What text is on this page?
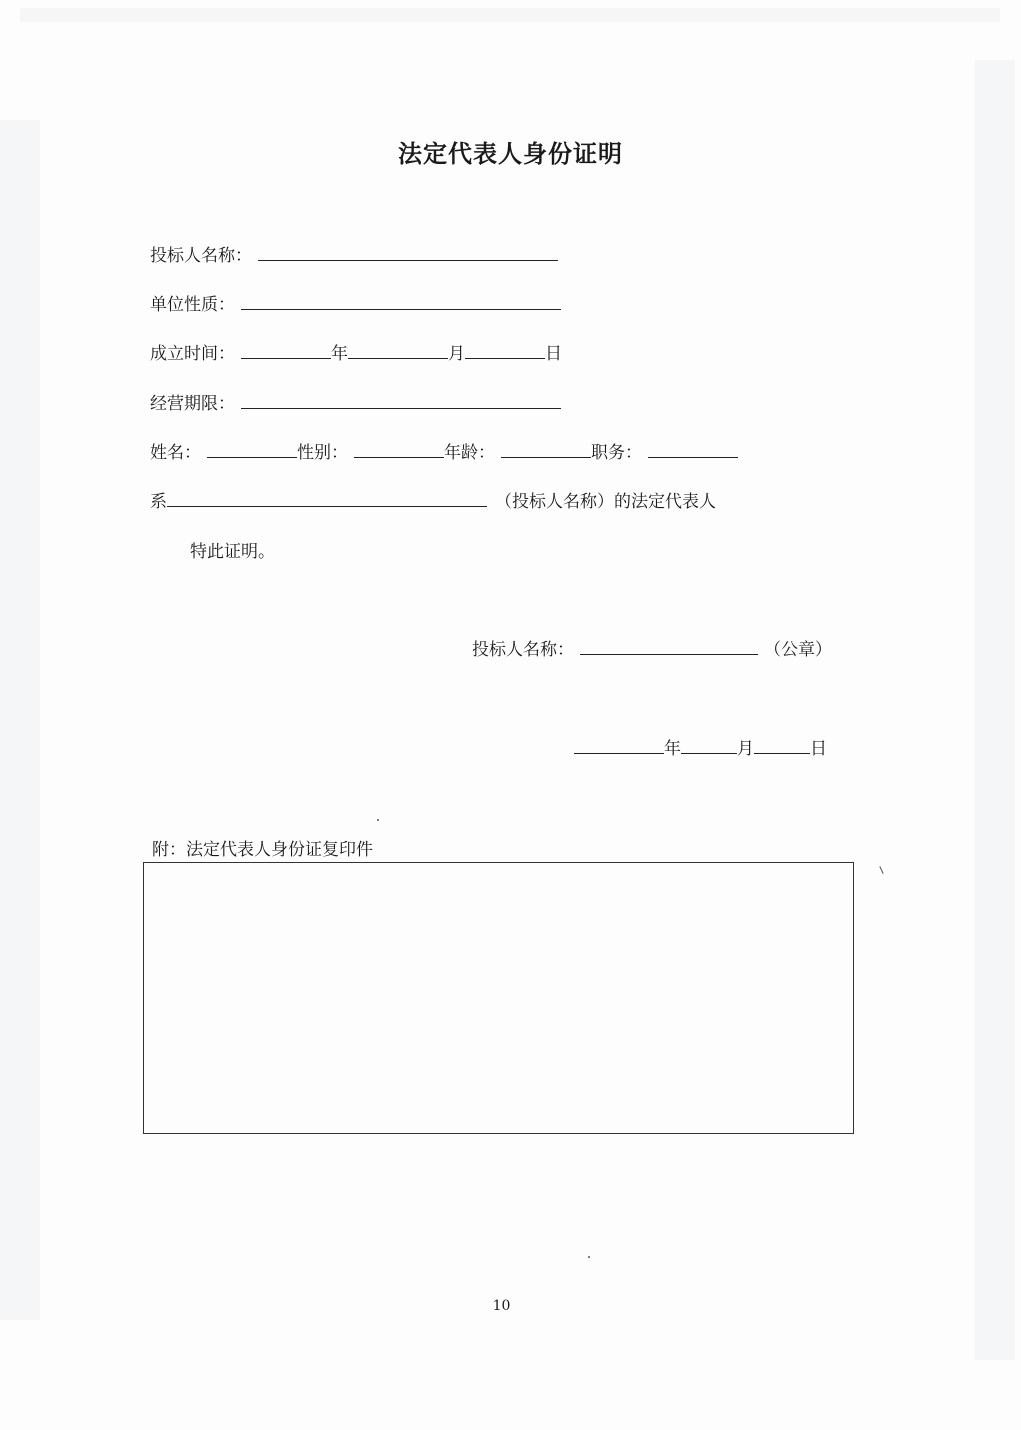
法定代表人身份证明
投标人名称：
单位性质：
成立时间：	年	月	日
经营期限：
姓名：	性别：	年龄：	职务：
系	（投标人名称）的法定代表人
特此证明。
投标人名称：	（公章）
年	月	日
附：法定代表人身份证复印件
10
